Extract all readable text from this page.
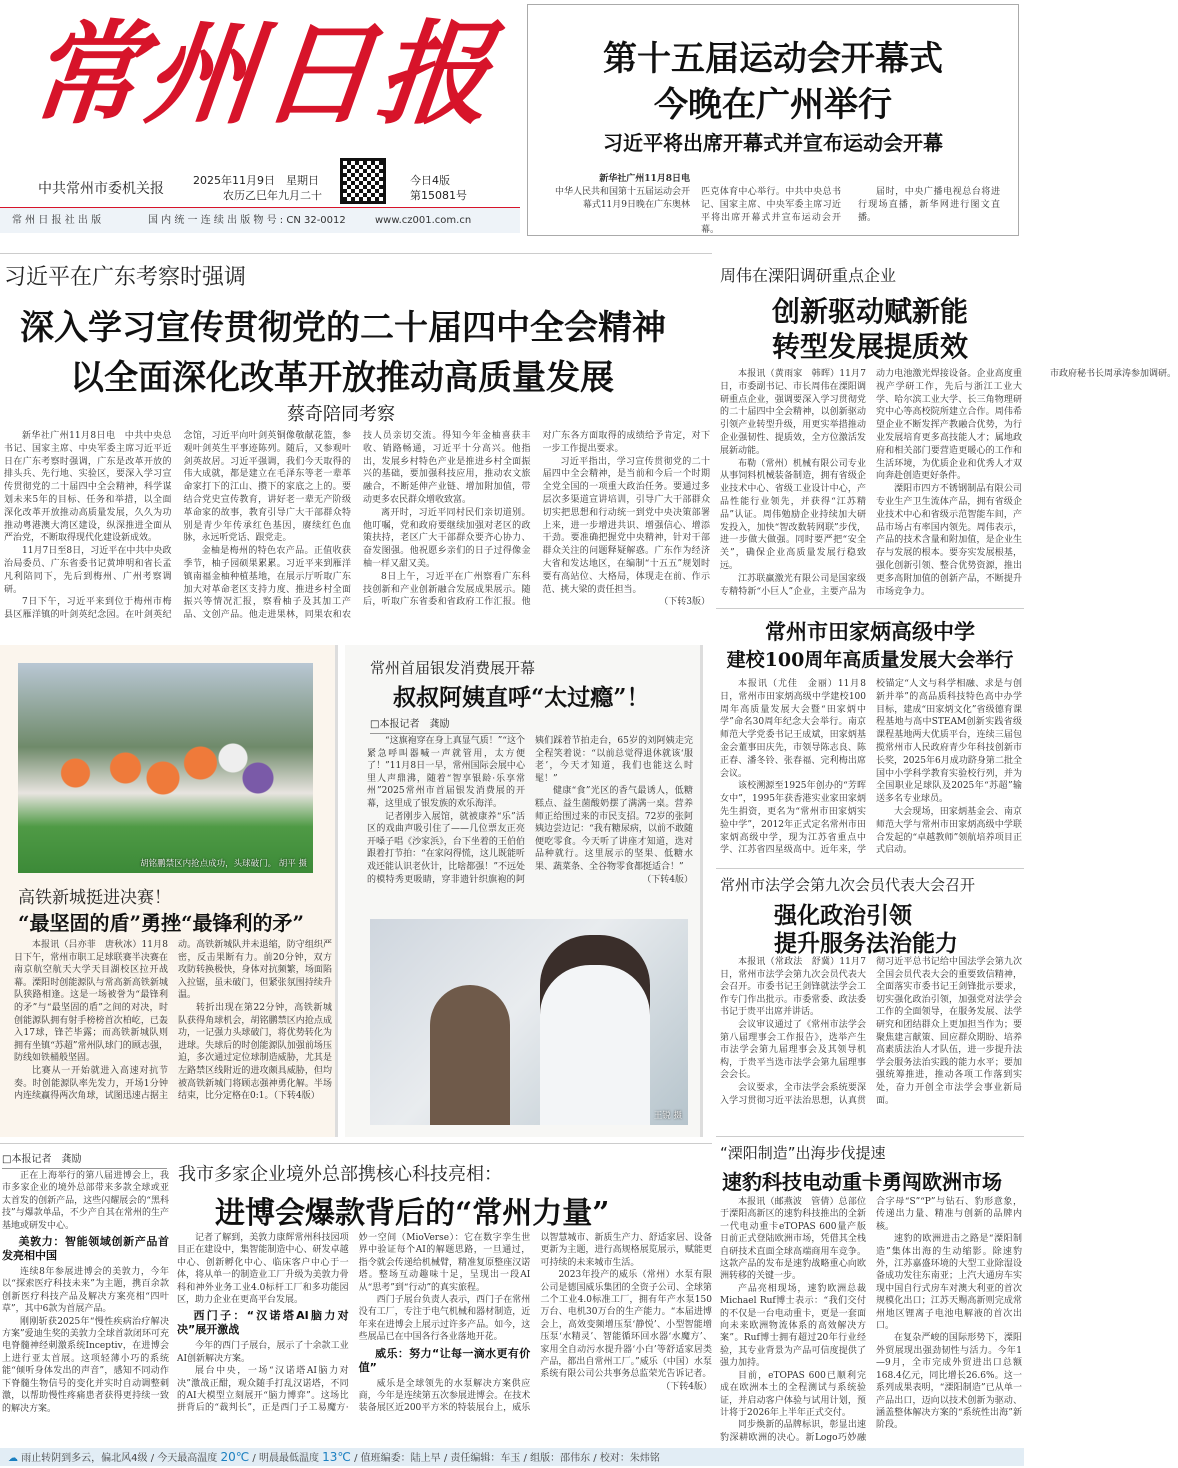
常州日报
中共常州市委机关报
2025年11月9日　星期日
农历乙巳年九月二十
今日4版
第15081号
常 州 日 报 社 出 版	国 内 统 一 连 续 出 版 物 号 : CN 32-0012	www.cz001.com.cn
第十五届运动会开幕式
今晚在广州举行
习近平将出席开幕式并宣布运动会开幕
新华社广州11月8日电
中华人民共和国第十五届运动会开幕式11月9日晚在广东奥林
匹克体育中心举行。中共中央总书记、国家主席、中央军委主席习近平将出席开幕式并宣布运动会开幕。
届时，中央广播电视总台将进行现场直播，新华网进行图文直播。
习近平在广东考察时强调
深入学习宣传贯彻党的二十届四中全会精神
以全面深化改革开放推动高质量发展
蔡奇陪同考察

新华社广州11月8日电　中共中央总书记、国家主席、中央军委主席习近平近日在广东考察时强调，广东是改革开放的排头兵、先行地、实验区，要深入学习宣传贯彻党的二十届四中全会精神，科学谋划未来5年的目标、任务和举措，以全面深化改革开放推动高质量发展，久久为功推动粤港澳大湾区建设，纵深推进全面从严治党，不断取得现代化建设新成效。

11月7日至8日，习近平在中共中央政治局委员、广东省委书记黄坤明和省长孟凡利陪同下，先后到梅州、广州考察调研。

7日下午，习近平来到位于梅州市梅县区雁洋镇的叶剑英纪念园。在叶剑英纪念馆，习近平向叶剑英铜像敬献花篮，参观叶剑英生平事迹陈列。随后，又参观叶剑英故居。习近平强调，我们今天取得的伟大成就，都是建立在毛泽东等老一辈革命家打下的江山、攒下的家底之上的。要结合党史宣传教育，讲好老一辈无产阶级革命家的故事，教育引导广大干部群众特别是青少年传承红色基因，赓续红色血脉，永远听党话、跟党走。

金柚是梅州的特色农产品。正值收获季节，柚子园硕果累累。习近平来到雁洋镇南福金柚种植基地，在展示厅听取广东加大对革命老区支持力度、推进乡村全面振兴等情况汇报，察看柚子及其加工产品、文创产品。他走进果林，同果农和农技人员亲切交流。得知今年金柚喜获丰收、销路畅通，习近平十分高兴。他指出，发展乡村特色产业是推进乡村全面振兴的基础，要加强科技应用，推动农文旅融合，不断延伸产业链、增加附加值，带动更多农民群众增收致富。

离开时，习近平同村民们亲切道别。他叮嘱，党和政府要继续加强对老区的政策扶持，老区广大干部群众要齐心协力、奋发图强。他祝愿乡亲们的日子过得像金柚一样又甜又美。

8日上午，习近平在广州察看广东科技创新和产业创新融合发展成果展示。随后，听取广东省委和省政府工作汇报。他对广东各方面取得的成绩给予肯定，对下一步工作提出要求。

习近平指出，学习宣传贯彻党的二十届四中全会精神，是当前和今后一个时期全党全国的一项重大政治任务。要通过多层次多渠道宣讲培训，引导广大干部群众切实把思想和行动统一到党中央决策部署上来，进一步增进共识、增强信心、增添干劲。要准确把握党中央精神，针对干部群众关注的问题释疑解惑。广东作为经济大省和发达地区，在编制“十五五”规划时要有高站位、大格局，体现走在前、作示范、挑大梁的责任担当。

（下转3版）
周伟在溧阳调研重点企业
创新驱动赋新能
转型发展提质效

本报讯（黄雨家　韩晖）11月7日，市委副书记、市长周伟在溧阳调研重点企业，强调要深入学习贯彻党的二十届四中全会精神，以创新驱动引领产业转型升级，用更实举措推动企业强韧性、提质效，全方位激活发展新动能。

布勒（常州）机械有限公司专业从事饲料机械装备制造，拥有省级企业技术中心、省级工业设计中心，产品性能行业领先，并获得“江苏精品”认证。周伟勉励企业持续加大研发投入，加快“智改数转网联”步伐，进一步做大做强。同时要严把“安全关”，确保企业高质量发展行稳致远。

江苏联赢激光有限公司是国家级专精特新“小巨人”企业，主要产品为动力电池激光焊接设备。企业高度重视产学研工作，先后与浙江工业大学、哈尔滨工业大学、长三角物理研究中心等高校院所建立合作。周伟希望企业不断发挥产教融合优势，为行业发展培育更多高技能人才；属地政府和相关部门要营造更暖心的工作和生活环境，为优质企业和优秀人才双向奔赴创造更好条件。

溧阳市四方不锈钢制品有限公司专业生产卫生流体产品，拥有省级企业技术中心和省级示范智能车间，产品市场占有率国内领先。周伟表示，产品的技术含量和附加值，是企业生存与发展的根本。要夯实发展根基，强化创新引领、整合优势资源，推出更多高附加值的创新产品，不断提升市场竞争力。

市政府秘书长周承涛参加调研。

常州市田家炳高级中学
建校100周年高质量发展大会举行

本报讯（尤佳　金丽）11月8日，常州市田家炳高级中学建校100周年高质量发展大会暨“田家炳中学”命名30周年纪念大会举行。南京师范大学党委书记王成斌，田家炳基金会董事田庆先，市领导陈志良、陈正春、潘冬铃、张春福、完利梅出席会议。

该校溯源至1925年创办的“芳晖女中”，1995年获香港实业家田家炳先生捐资，更名为“常州市田家炳实验中学”，2012年正式定名常州市田家炳高级中学，现为江苏省重点中学、江苏省四星级高中。近年来，学校锚定“人文与科学相融、求是与创新并举”的高品质科技特色高中办学目标，建成“田家炳文化”省级德育课程基地与高中STEAM创新实践省级课程基地两大优质平台，连续三届包揽常州市人民政府青少年科技创新市长奖，2025年6月成功跻身第二批全国中小学科学教育实验校行列，并为全国职业足球队及2025年“苏超”输送多名专业球员。

大会现场，田家炳基金会、南京师范大学与常州市田家炳高级中学联合发起的“卓越教师”领航培养项目正式启动。

常州市法学会第九次会员代表大会召开
强化政治引领
提升服务法治能力

本报讯（常政法　舒冀）11月7日，常州市法学会第九次会员代表大会召开。市委书记王剑锋就法学会工作专门作出批示。市委常委、政法委书记于贵平出席并讲话。

会议审议通过了《常州市法学会第八届理事会工作报告》，选举产生市法学会第九届理事会及其领导机构，于贵平当选市法学会第九届理事会会长。

会议要求，全市法学会系统要深入学习贯彻习近平法治思想，认真贯彻习近平总书记给中国法学会第九次全国会员代表大会的重要致信精神，全面落实市委书记王剑锋批示要求，切实强化政治引领，加强党对法学会工作的全面领导，在服务发展、法学研究和团结群众上更加担当作为；要聚焦建言献策、回应群众期盼、培养高素质法治人才队伍，进一步提升法学会服务法治实践的能力水平；要加强统筹推进，推动各项工作落到实处，奋力开创全市法学会事业新局面。

胡铭鹏禁区内抢点成功，头球破门。 胡平 摄
高铁新城挺进决赛！
“最坚固的盾”勇挫“最锋利的矛”

本报讯（吕亦菲　唐秋冰）11月8日下午，常州市职工足球联赛半决赛在南京航空航天大学天目湖校区拉开战幕。溧阳时创能源队与常高新高铁新城队狭路相逢。这是一场被誉为“最锋利的矛”与“最坚固的盾”之间的对决，时创能源队拥有射手榜榜首次柏屹，已轰入17球，锋芒毕露；而高铁新城队则拥有坐镇“苏超”常州队球门的顾志强，防线如铁桶般坚固。

比赛从一开始就进入高速对抗节奏。时创能源队率先发力，开场1分钟内连续赢得两次角球，试图迅速占据主动。高铁新城队并未退缩，防守组织严密，反击果断有力。前20分钟，双方攻防转换极快，身体对抗频繁，场面陷入拉锯，虽未破门，但紧张氛围持续升温。

转折出现在第22分钟，高铁新城队获得角球机会，胡铭鹏禁区内抢点成功，一记强力头球破门，将优势转化为进球。失球后的时创能源队加强前场压迫，多次通过定位球制造威胁，尤其是左路禁区线附近的进攻颇具威胁，但均被高铁新城门将顾志强神勇化解。半场结束，比分定格在0:1。（下转4版）

常州首届银发消费展开幕
叔叔阿姨直呼“太过瘾”！
□本报记者　龚励

“这旗袍穿在身上真显气质！”“这个紧急呼叫器喊一声就管用，太方便了！”11月8日一早，常州国际会展中心里人声鼎沸，随着“智享银龄·乐享常州”2025常州市首届银发消费展的开幕，这里成了银发族的欢乐海洋。

记者刚步入展馆，就被康养“乐”活区的戏曲声吸引住了——几位票友正亮开嗓子唱《沙家浜》，台下坐着的王伯伯跟着打节拍：“在家闷得慌，这儿既能听戏还能认识老伙计，比啥都强！”不远处的模特秀更吸睛，穿非遗针织旗袍的阿姨们踩着节拍走台，65岁的刘阿姨走完全程笑着说：“以前总觉得退休就该‘服老’，今天才知道，我们也能这么时髦！”

健康“食”光区的香气最诱人，低糖糕点、益生菌酸奶摆了满满一桌。营养师正给围过来的市民支招。72岁的张阿姨边尝边记：“我有糖尿病，以前不敢随便吃零食。今天听了讲座才知道，选对品种就行。这里展示的坚果、低糖水果、蔬菜条、全谷物零食都挺适合！”

（下转4版）
王锐 摄
□本报记者　龚励
我市多家企业境外总部携核心科技亮相：
进博会爆款背后的“常州力量”

正在上海举行的第八届进博会上，我市多家企业的境外总部带来多款全球或亚太首发的创新产品，这些闪耀展会的“黑科技”与爆款单品，不少产自其在常州的生产基地或研发中心。

美敦力：智能领域创新产品首发亮相中国

连续8年参展进博会的美敦力，今年以“探索医疗科技未来”为主题，携百余款创新医疗科技产品及解决方案亮相“四叶草”，其中6款为首展产品。

刚刚斩获2025年“慢性疾病治疗解决方案”爱迪生奖的美敦力全球首款闭环可充电脊髓神经刺激系统Inceptiv，在进博会上进行亚太首展。这项轻薄小巧的系统能“倾听身体发出的声音”，感知不同动作下脊髓生物信号的变化并实时自动调整刺激，以帮助慢性疼痛患者获得更持续一致的解决方案。

记者了解到，美敦力康辉常州科技园项目正在建设中，集智能制造中心、研发卓越中心、创新孵化中心、临床客户中心于一体，将从单一的制造业工厂升级为美敦力骨科和神外业务工业4.0标杆工厂和多功能园区，助力企业在更高平台发展。

西门子：“汉诺塔AI脑力对决”展开激战

今年的西门子展台，展示了十余款工业AI创新解决方案。

展台中央，一场“汉诺塔AI脑力对决”激战正酣，观众随手打乱汉诺塔，不同的AI大模型立刻展开“脑力博弈”。这场比拼背后的“裁判长”，正是西门子工易魔方·妙一空间（MioVerse）：它在数字孪生世界中验证每个AI的解题思路，一旦通过，指令就会传递给机械臂，精准复原整座汉诺塔。整场互动趣味十足，呈现出一段AI从“思考”到“行动”的真实旅程。

西门子展台负责人表示，西门子在常州没有工厂，专注于电气机械和器材制造，近年来在进博会上展示过许多产品。如今，这些展品已在中国各行各业落地开花。

威乐：努力“让每一滴水更有价值”

威乐是全球领先的水泵解决方案供应商，今年是连续第五次参展进博会。在技术装备展区近200平方米的特装展台上，威乐以智慧城市、新质生产力、舒适家居、设备更新为主题，进行高规格展览展示，赋能更可持续的未来城市生活。

2023年投产的威乐（常州）水泵有限公司是德国威乐集团的全资子公司、全球第二个工业4.0标准工厂，拥有年产水泵150万台、电机30万台的生产能力。“本届进博会上，高效变频增压泵‘静悦’、小型智能增压泵‘水精灵’、智能循环回水器‘水魔方’、家用全自动污水提升器‘小白’等舒适家居类产品，都出自常州工厂。”威乐（中国）水泵系统有限公司公共事务总监荣光告诉记者。

（下转4版）
“溧阳制造”出海步伐提速
速豹科技电动重卡勇闯欧洲市场

本报讯（邮燕波　管倩）总部位于溧阳高新区的速豹科技推出的全新一代电动重卡eTOPAS 600量产版日前正式登陆欧洲市场，凭借其全栈自研技术直面全球高端商用车竞争。这款产品的发布是速豹战略重心向欧洲转移的关键一步。

产品亮相现场，速豹欧洲总裁Michael Ruf博士表示：“我们交付的不仅是一台电动重卡，更是一套面向未来欧洲物流体系的高效解决方案”。Ruf博士拥有超过20年行业经验，其专业背景为产品可信度提供了强力加持。

目前，eTOPAS 600已顺利完成在欧洲本土的全程测试与系统验证，并启动客户体验与试用计划，预计将于2026年上半年正式交付。

同步焕新的品牌标识，彰显出速豹深耕欧洲的决心。新Logo巧妙融合字母“S”“P”与钻石、豹形意象，传递出力量、精准与创新的品牌内核。

速豹的欧洲进击之路是“溧阳制造”集体出海的生动缩影。除速豹外，江苏嘉盛环境的大型工业除湿设备成功发往东南亚；上汽大通房车实现中国自行式房车对澳大利亚的首次规模化出口；江苏天赐高新则完成常州地区锂离子电池电解液的首次出口。

在复杂严峻的国际形势下，溧阳外贸展现出强劲韧性与活力。今年1—9月，全市完成外贸进出口总额168.4亿元，同比增长26.6%。这一系列成果表明，“溧阳制造”已从单一产品出口，迈向以技术创新为驱动、涵盖整体解决方案的“系统性出海”新阶段。

☁ 雨止转阴到多云，偏北风4级 / 今天最高温度 20℃ / 明晨最低温度 13℃ / 值班编委：陆上早 / 责任编辑：车玉 / 组版：邵伟东 / 校对：朱炜铭
